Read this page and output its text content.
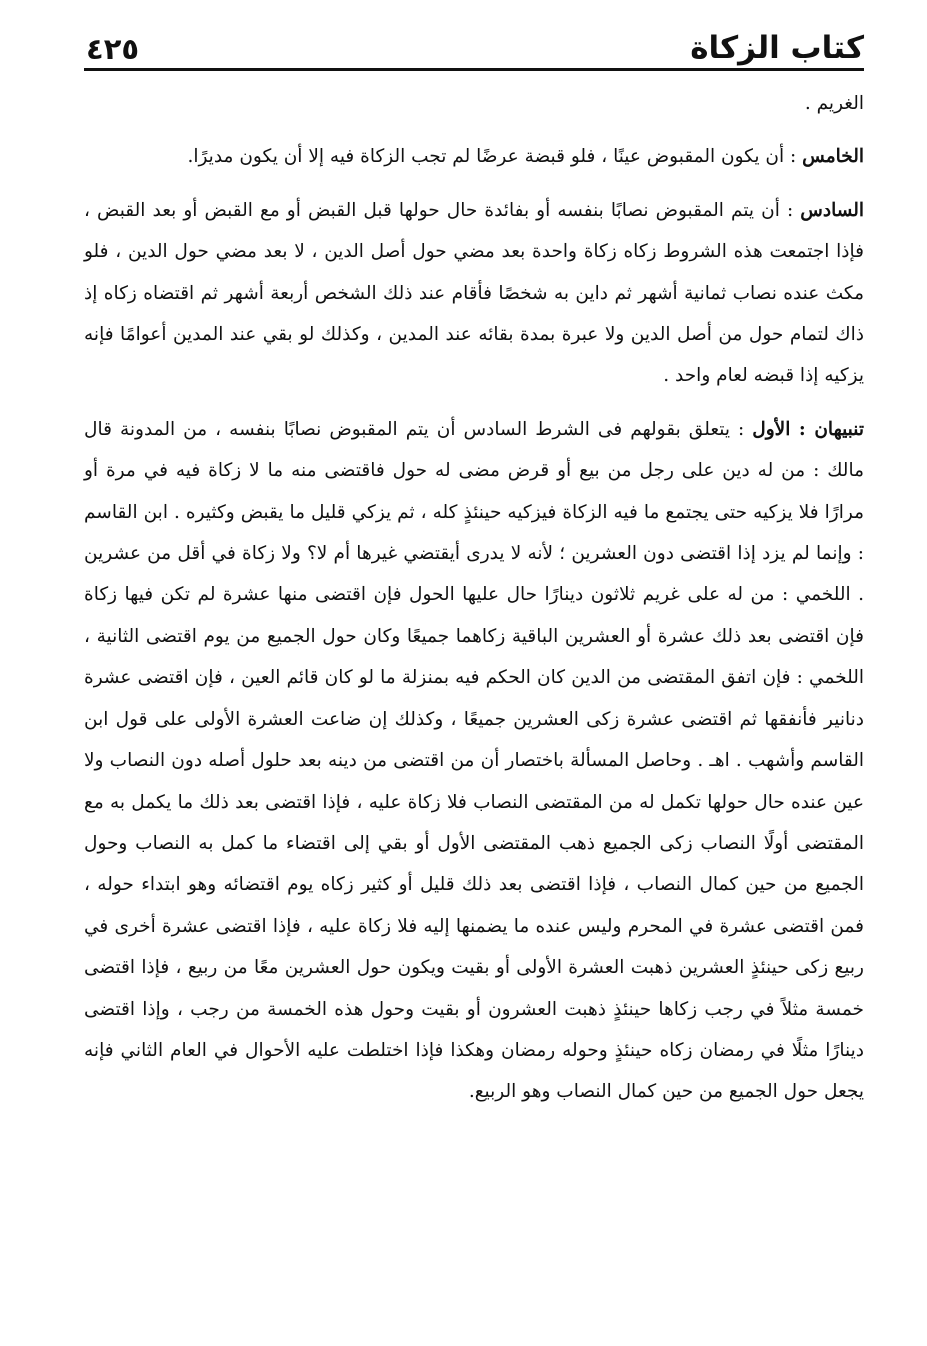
كتاب الزكاة
٤٢٥

الغريم .

الخامس : أن يكون المقبوض عينًا ، فلو قبضة عرضًا لم تجب الزكاة فيه إلا أن يكون مديرًا.

السادس : أن يتم المقبوض نصابًا بنفسه أو بفائدة حال حولها قبل القبض أو مع القبض أو بعد القبض ، فإذا اجتمعت هذه الشروط زكاه زكاة واحدة بعد مضي حول أصل الدين ، لا بعد مضي حول الدين ، فلو مكث عنده نصاب ثمانية أشهر ثم داين به شخصًا فأقام عند ذلك الشخص أربعة أشهر ثم اقتضاه زكاه إذ ذاك لتمام حول من أصل الدين ولا عبرة بمدة بقائه عند المدين ، وكذلك لو بقي عند المدين أعوامًا فإنه يزكيه إذا قبضه لعام واحد .

تنبيهان : الأول : يتعلق بقولهم فى الشرط السادس أن يتم المقبوض نصابًا بنفسه ، من المدونة قال مالك : من له دين على رجل من بيع أو قرض مضى له حول فاقتضى منه ما لا زكاة فيه في مرة أو مرارًا فلا يزكيه حتى يجتمع ما فيه الزكاة فيزكيه حينئذٍ كله ، ثم يزكي قليل ما يقبض وكثيره . ابن القاسم : وإنما لم يزد إذا اقتضى دون العشرين ؛ لأنه لا يدرى أيقتضي غيرها أم لا؟ ولا زكاة في أقل من عشرين . اللخمي : من له على غريم ثلاثون دينارًا حال عليها الحول فإن اقتضى منها عشرة لم تكن فيها زكاة فإن اقتضى بعد ذلك عشرة أو العشرين الباقية زكاهما جميعًا وكان حول الجميع من يوم اقتضى الثانية ، اللخمي : فإن اتفق المقتضى من الدين كان الحكم فيه بمنزلة ما لو كان قائم العين ، فإن اقتضى عشرة دنانير فأنفقها ثم اقتضى عشرة زكى العشرين جميعًا ، وكذلك إن ضاعت العشرة الأولى على قول ابن القاسم وأشهب . اهـ . وحاصل المسألة باختصار أن من اقتضى من دينه بعد حلول أصله دون النصاب ولا عين عنده حال حولها تكمل له من المقتضى النصاب فلا زكاة عليه ، فإذا اقتضى بعد ذلك ما يكمل به مع المقتضى أولًا النصاب زكى الجميع ذهب المقتضى الأول أو بقي إلى اقتضاء ما كمل به النصاب وحول الجميع من حين كمال النصاب ، فإذا اقتضى بعد ذلك قليل أو كثير زكاه يوم اقتضائه وهو ابتداء حوله ، فمن اقتضى عشرة في المحرم وليس عنده ما يضمنها إليه فلا زكاة عليه ، فإذا اقتضى عشرة أخرى في ربيع زكى حينئذٍ العشرين ذهبت العشرة الأولى أو بقيت ويكون حول العشرين معًا من ربيع ، فإذا اقتضى خمسة مثلاً في رجب زكاها حينئذٍ ذهبت العشرون أو بقيت وحول هذه الخمسة من رجب ، وإذا اقتضى دينارًا مثلًا في رمضان زكاه حينئذٍ وحوله رمضان وهكذا فإذا اختلطت عليه الأحوال في العام الثاني فإنه يجعل حول الجميع من حين كمال النصاب وهو الربيع.
